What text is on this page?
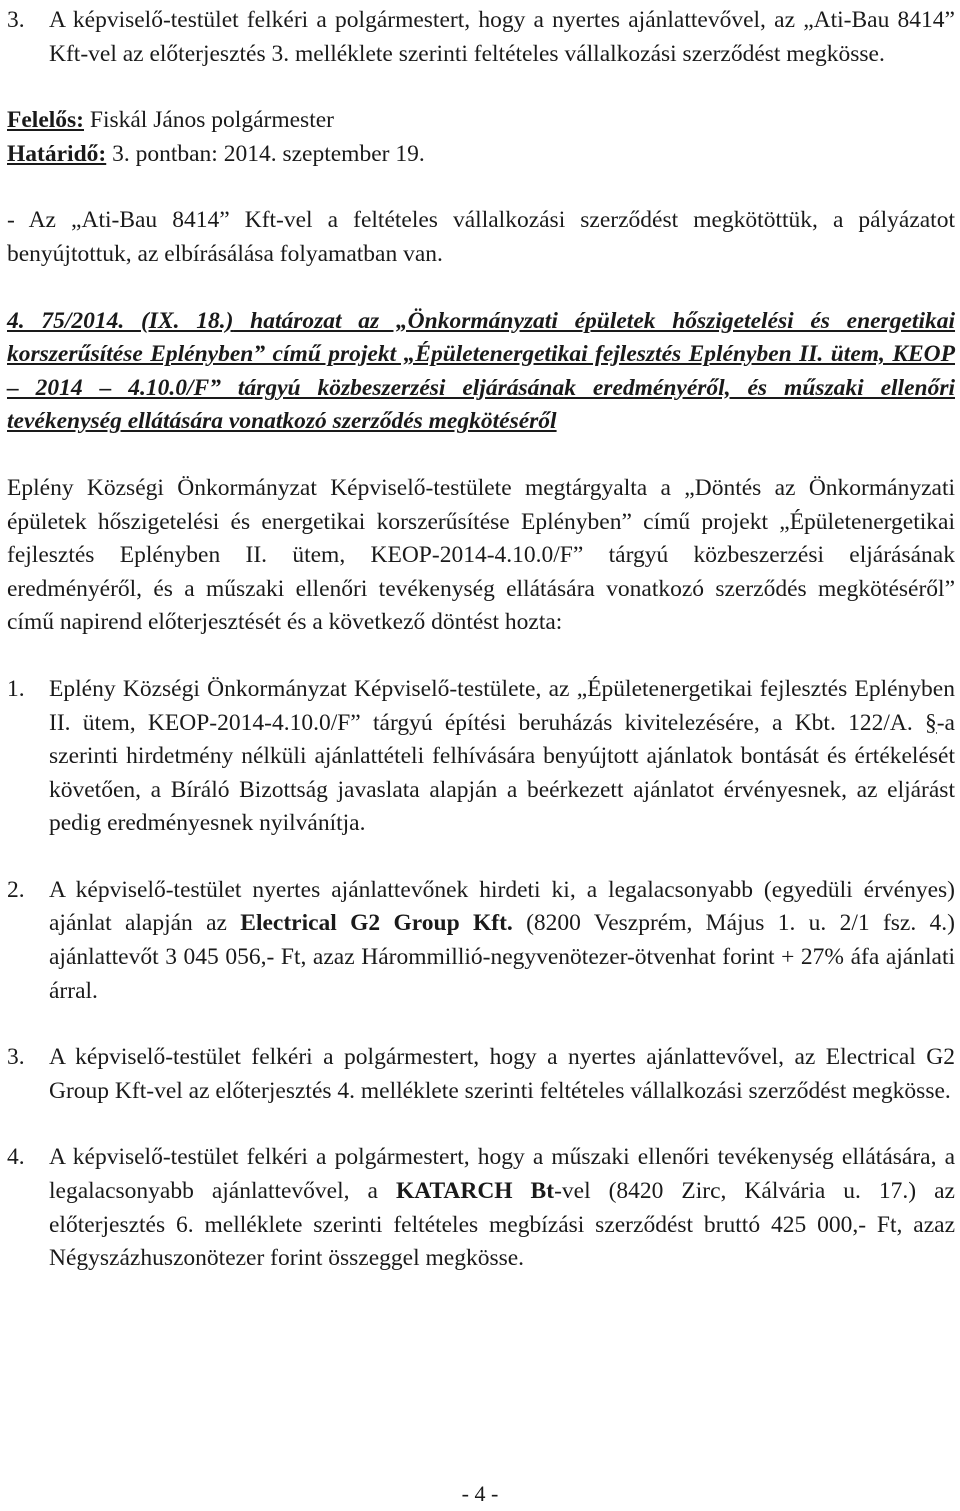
3.	A képviselő-testület felkéri a polgármestert, hogy a nyertes ajánlattevővel, az „Ati-Bau 8414” Kft-vel az előterjesztés 3. melléklete szerinti feltételes vállalkozási szerződést megkösse.

Felelős: Fiskál János polgármester

Határidő: 3. pontban: 2014. szeptember 19.

- Az „Ati-Bau 8414” Kft-vel a feltételes vállalkozási szerződést megkötöttük, a pályázatot benyújtottuk, az elbírásálása folyamatban van.

4. 75/2014. (IX. 18.) határozat az „Önkormányzati épületek hőszigetelési és energetikai korszerűsítése Eplényben” című projekt „Épületenergetikai fejlesztés Eplényben II. ütem, KEOP – 2014 – 4.10.0/F” tárgyú közbeszerzési eljárásának eredményéről, és műszaki ellenőri tevékenység ellátására vonatkozó szerződés megkötéséről

Eplény Községi Önkormányzat Képviselő-testülete megtárgyalta a „Döntés az Önkormányzati épületek hőszigetelési és energetikai korszerűsítése Eplényben” című projekt „Épületenergetikai fejlesztés Eplényben II. ütem, KEOP-2014-4.10.0/F” tárgyú közbeszerzési eljárásának eredményéről, és a műszaki ellenőri tevékenység ellátására vonatkozó szerződés megkötéséről” című napirend előterjesztését és a következő döntést hozta:

1.	Eplény Községi Önkormányzat Képviselő-testülete, az „Épületenergetikai fejlesztés Eplényben II. ütem, KEOP-2014-4.10.0/F” tárgyú építési beruházás kivitelezésére, a Kbt. 122/A. §-a szerinti hirdetmény nélküli ajánlattételi felhívására benyújtott ajánlatok bontását és értékelését követően, a Bíráló Bizottság javaslata alapján a beérkezett ajánlatot érvényesnek, az eljárást pedig eredményesnek nyilvánítja.
2.	A képviselő-testület nyertes ajánlattevőnek hirdeti ki, a legalacsonyabb (egyedüli érvényes) ajánlat alapján az Electrical G2 Group Kft. (8200 Veszprém, Május 1. u. 2/1 fsz. 4.) ajánlattevőt 3 045 056,- Ft, azaz Hárommillió-negyvenötezer-ötvenhat forint + 27% áfa ajánlati árral.
3.	A képviselő-testület felkéri a polgármestert, hogy a nyertes ajánlattevővel, az Electrical G2 Group Kft-vel az előterjesztés 4. melléklete szerinti feltételes vállalkozási szerződést megkösse.
4.	A képviselő-testület felkéri a polgármestert, hogy a műszaki ellenőri tevékenység ellátására, a legalacsonyabb ajánlattevővel, a KATARCH Bt-vel (8420 Zirc, Kálvária u. 17.) az előterjesztés 6. melléklete szerinti feltételes megbízási szerződést bruttó 425 000,- Ft, azaz Négyszázhuszonötezer forint összeggel megkösse.
- 4 -
